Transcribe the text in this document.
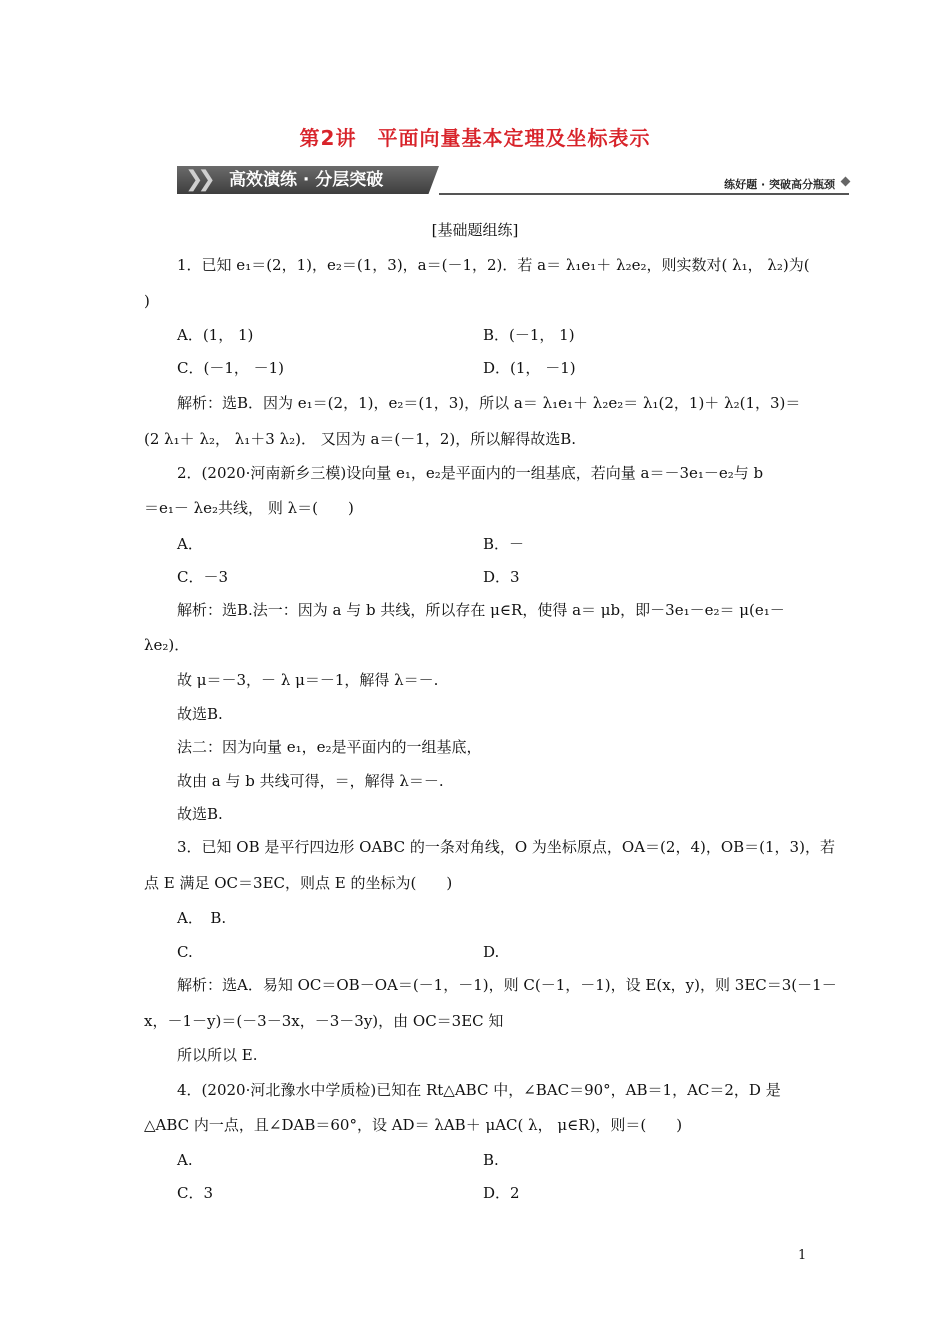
第2讲　平面向量基本定理及坐标表示
❯❯ 高效演练 · 分层突破	练好题 · 突破高分瓶颈
[基础题组练]
1．已知 e₁＝(2，1)，e₂＝(1，3)，a＝(－1，2)．若 a＝ λ₁e₁＋ λ₂e₂，则实数对( λ₁， λ₂)为(
)
A．(1， 1)	B．(－1， 1)
C．(－1， －1)	D．(1， －1)
解析：选B．因为 e₁＝(2，1)，e₂＝(1，3)，所以 a＝ λ₁e₁＋ λ₂e₂＝ λ₁(2，1)＋ λ₂(1，3)＝
(2 λ₁＋ λ₂， λ₁＋3 λ₂)． 又因为 a＝(－1，2)，所以解得故选B.
2．(2020·河南新乡三模)设向量 e₁，e₂是平面内的一组基底，若向量 a＝－3e₁－e₂与 b
＝e₁－ λe₂共线， 则 λ＝(　　)
A．	B．－
C．－3	D．3
解析：选B.法一：因为 a 与 b 共线，所以存在 μ∈R，使得 a＝ μb，即－3e₁－e₂＝ μ(e₁－
λe₂)．
故 μ＝－3，－ λ μ＝－1，解得 λ＝－.
故选B.
法二：因为向量 e₁，e₂是平面内的一组基底，
故由 a 与 b 共线可得，＝，解得 λ＝－.
故选B.
3．已知 OB 是平行四边形 OABC 的一条对角线，O 为坐标原点，OA＝(2，4)，OB＝(1，3)，若
点 E 满足 OC＝3EC，则点 E 的坐标为(　　)
A．　B.
C.	D.
解析：选A．易知 OC＝OB－OA＝(－1，－1)，则 C(－1，－1)，设 E(x，y)，则 3EC＝3(－1－
x，－1－y)＝(－3－3x，－3－3y)，由 OC＝3EC 知
所以所以 E.
4．(2020·河北豫水中学质检)已知在 Rt△ABC 中，∠BAC＝90°，AB＝1，AC＝2，D 是
△ABC 内一点，且∠DAB＝60°，设 AD＝ λAB＋ μAC( λ， μ∈R)，则＝(　　)
A.	B.
C．3	D．2
1
